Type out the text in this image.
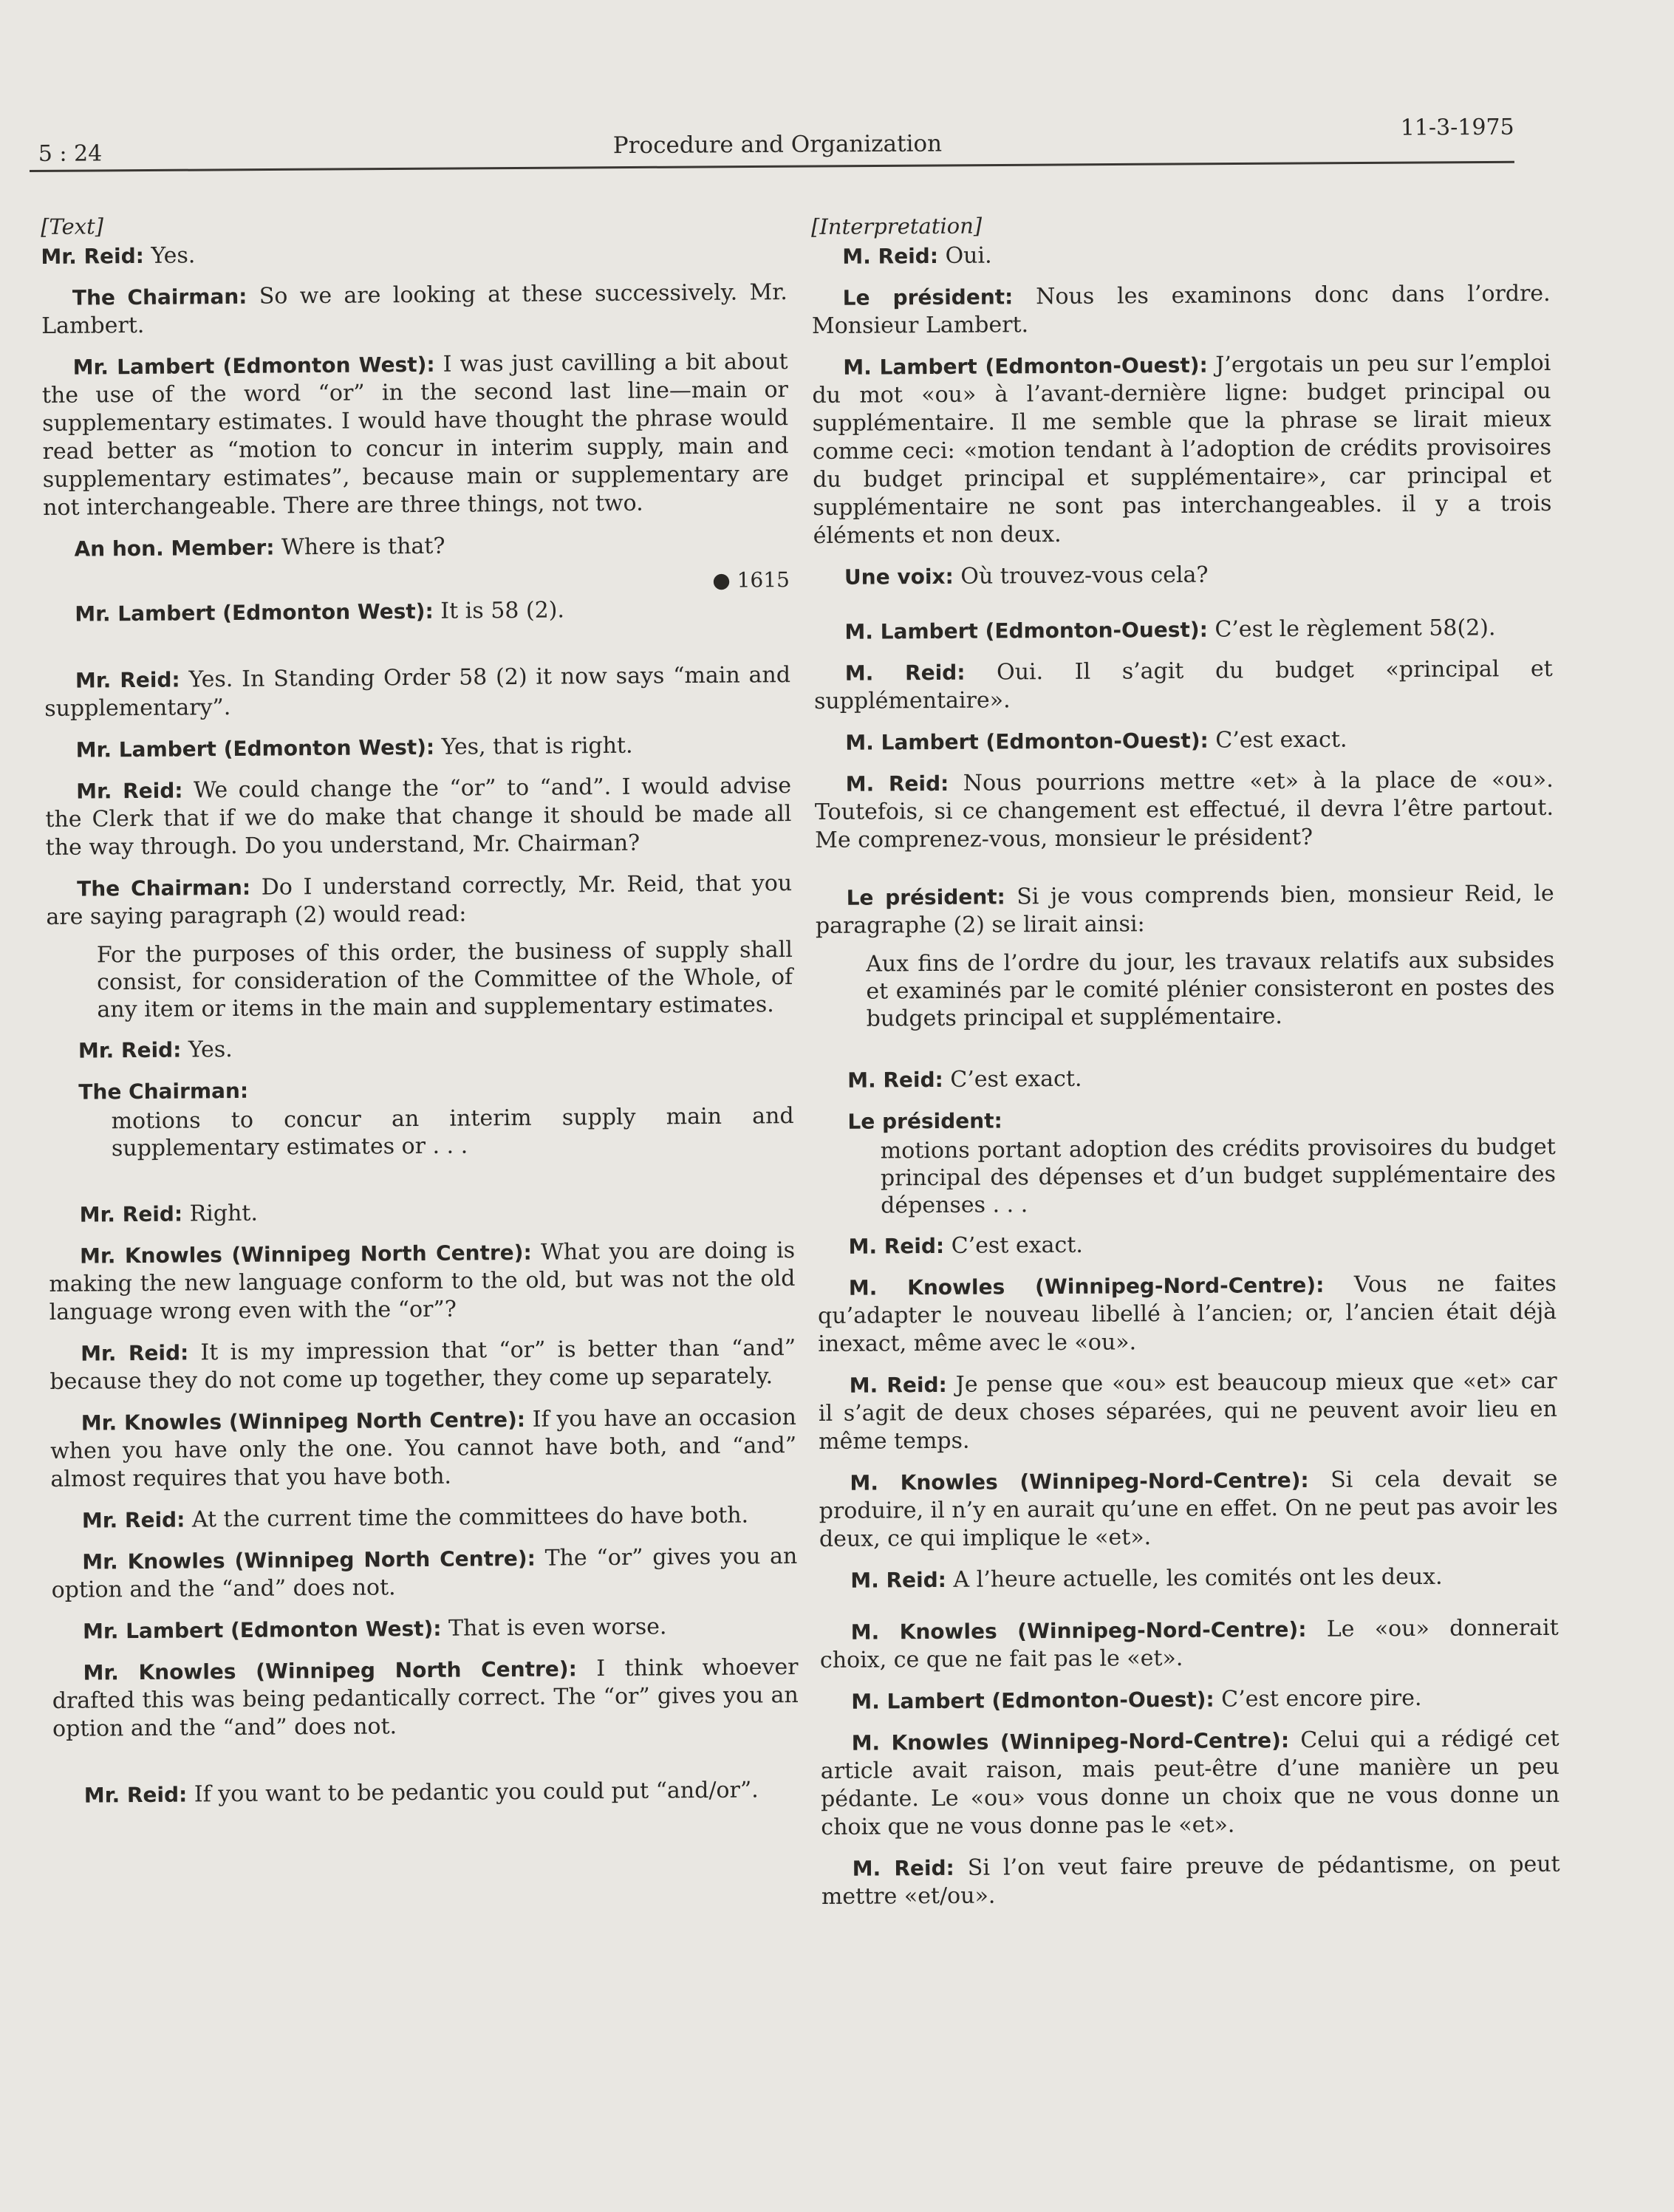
5 : 24	Procedure and Organization
11-3-1975
[Text]

Mr. Reid: Yes.

The Chairman: So we are looking at these successively. Mr. Lambert.

Mr. Lambert (Edmonton West): I was just cavilling a bit about the use of the word “or” in the second last line—main or supplementary estimates. I would have thought the phrase would read better as “motion to concur in interim supply, main and supplementary estimates”, because main or supplementary are not interchangeable. There are three things, not two.

An hon. Member: Where is that?

● 1615

Mr. Lambert (Edmonton West): It is 58 (2).

Mr. Reid: Yes. In Standing Order 58 (2) it now says “main and supplementary”.

Mr. Lambert (Edmonton West): Yes, that is right.

Mr. Reid: We could change the “or” to “and”. I would advise the Clerk that if we do make that change it should be made all the way through. Do you understand, Mr. Chairman?

The Chairman: Do I understand correctly, Mr. Reid, that you are saying paragraph (2) would read:

For the purposes of this order, the business of supply shall consist, for consideration of the Committee of the Whole, of any item or items in the main and supplementary estimates.

Mr. Reid: Yes.

The Chairman:

motions to concur an interim supply main and supplementary estimates or . . .

Mr. Reid: Right.

Mr. Knowles (Winnipeg North Centre): What you are doing is making the new language conform to the old, but was not the old language wrong even with the “or”?

Mr. Reid: It is my impression that “or” is better than “and” because they do not come up together, they come up separately.

Mr. Knowles (Winnipeg North Centre): If you have an occasion when you have only the one. You cannot have both, and “and” almost requires that you have both.

Mr. Reid: At the current time the committees do have both.

Mr. Knowles (Winnipeg North Centre): The “or” gives you an option and the “and” does not.

Mr. Lambert (Edmonton West): That is even worse.

Mr. Knowles (Winnipeg North Centre): I think whoever drafted this was being pedantically correct. The “or” gives you an option and the “and” does not.

Mr. Reid: If you want to be pedantic you could put “and/or”.

[Interpretation]

M. Reid: Oui.

Le président: Nous les examinons donc dans l’ordre. Monsieur Lambert.

M. Lambert (Edmonton-Ouest): J’ergotais un peu sur l’emploi du mot «ou» à l’avant-dernière ligne: budget principal ou supplémentaire. Il me semble que la phrase se lirait mieux comme ceci: «motion tendant à l’adoption de crédits provisoires du budget principal et supplémentaire», car principal et supplémentaire ne sont pas interchangeables. il y a trois éléments et non deux.

Une voix: Où trouvez-vous cela?

M. Lambert (Edmonton-Ouest): C’est le règlement 58(2).

M. Reid: Oui. Il s’agit du budget «principal et supplémentaire».

M. Lambert (Edmonton-Ouest): C’est exact.

M. Reid: Nous pourrions mettre «et» à la place de «ou». Toutefois, si ce changement est effectué, il devra l’être partout. Me comprenez-vous, monsieur le président?

Le président: Si je vous comprends bien, monsieur Reid, le paragraphe (2) se lirait ainsi:

Aux fins de l’ordre du jour, les travaux relatifs aux subsides et examinés par le comité plénier consisteront en postes des budgets principal et supplémentaire.

M. Reid: C’est exact.

Le président:

motions portant adoption des crédits provisoires du budget principal des dépenses et d’un budget supplémentaire des dépenses . . .

M. Reid: C’est exact.

M. Knowles (Winnipeg-Nord-Centre): Vous ne faites qu’adapter le nouveau libellé à l’ancien; or, l’ancien était déjà inexact, même avec le «ou».

M. Reid: Je pense que «ou» est beaucoup mieux que «et» car il s’agit de deux choses séparées, qui ne peuvent avoir lieu en même temps.

M. Knowles (Winnipeg-Nord-Centre): Si cela devait se produire, il n’y en aurait qu’une en effet. On ne peut pas avoir les deux, ce qui implique le «et».

M. Reid: A l’heure actuelle, les comités ont les deux.

M. Knowles (Winnipeg-Nord-Centre): Le «ou» donnerait choix, ce que ne fait pas le «et».

M. Lambert (Edmonton-Ouest): C’est encore pire.

M. Knowles (Winnipeg-Nord-Centre): Celui qui a rédigé cet article avait raison, mais peut-être d’une manière un peu pédante. Le «ou» vous donne un choix que ne vous donne un choix que ne vous donne pas le «et».

M. Reid: Si l’on veut faire preuve de pédantisme, on peut mettre «et/ou».
